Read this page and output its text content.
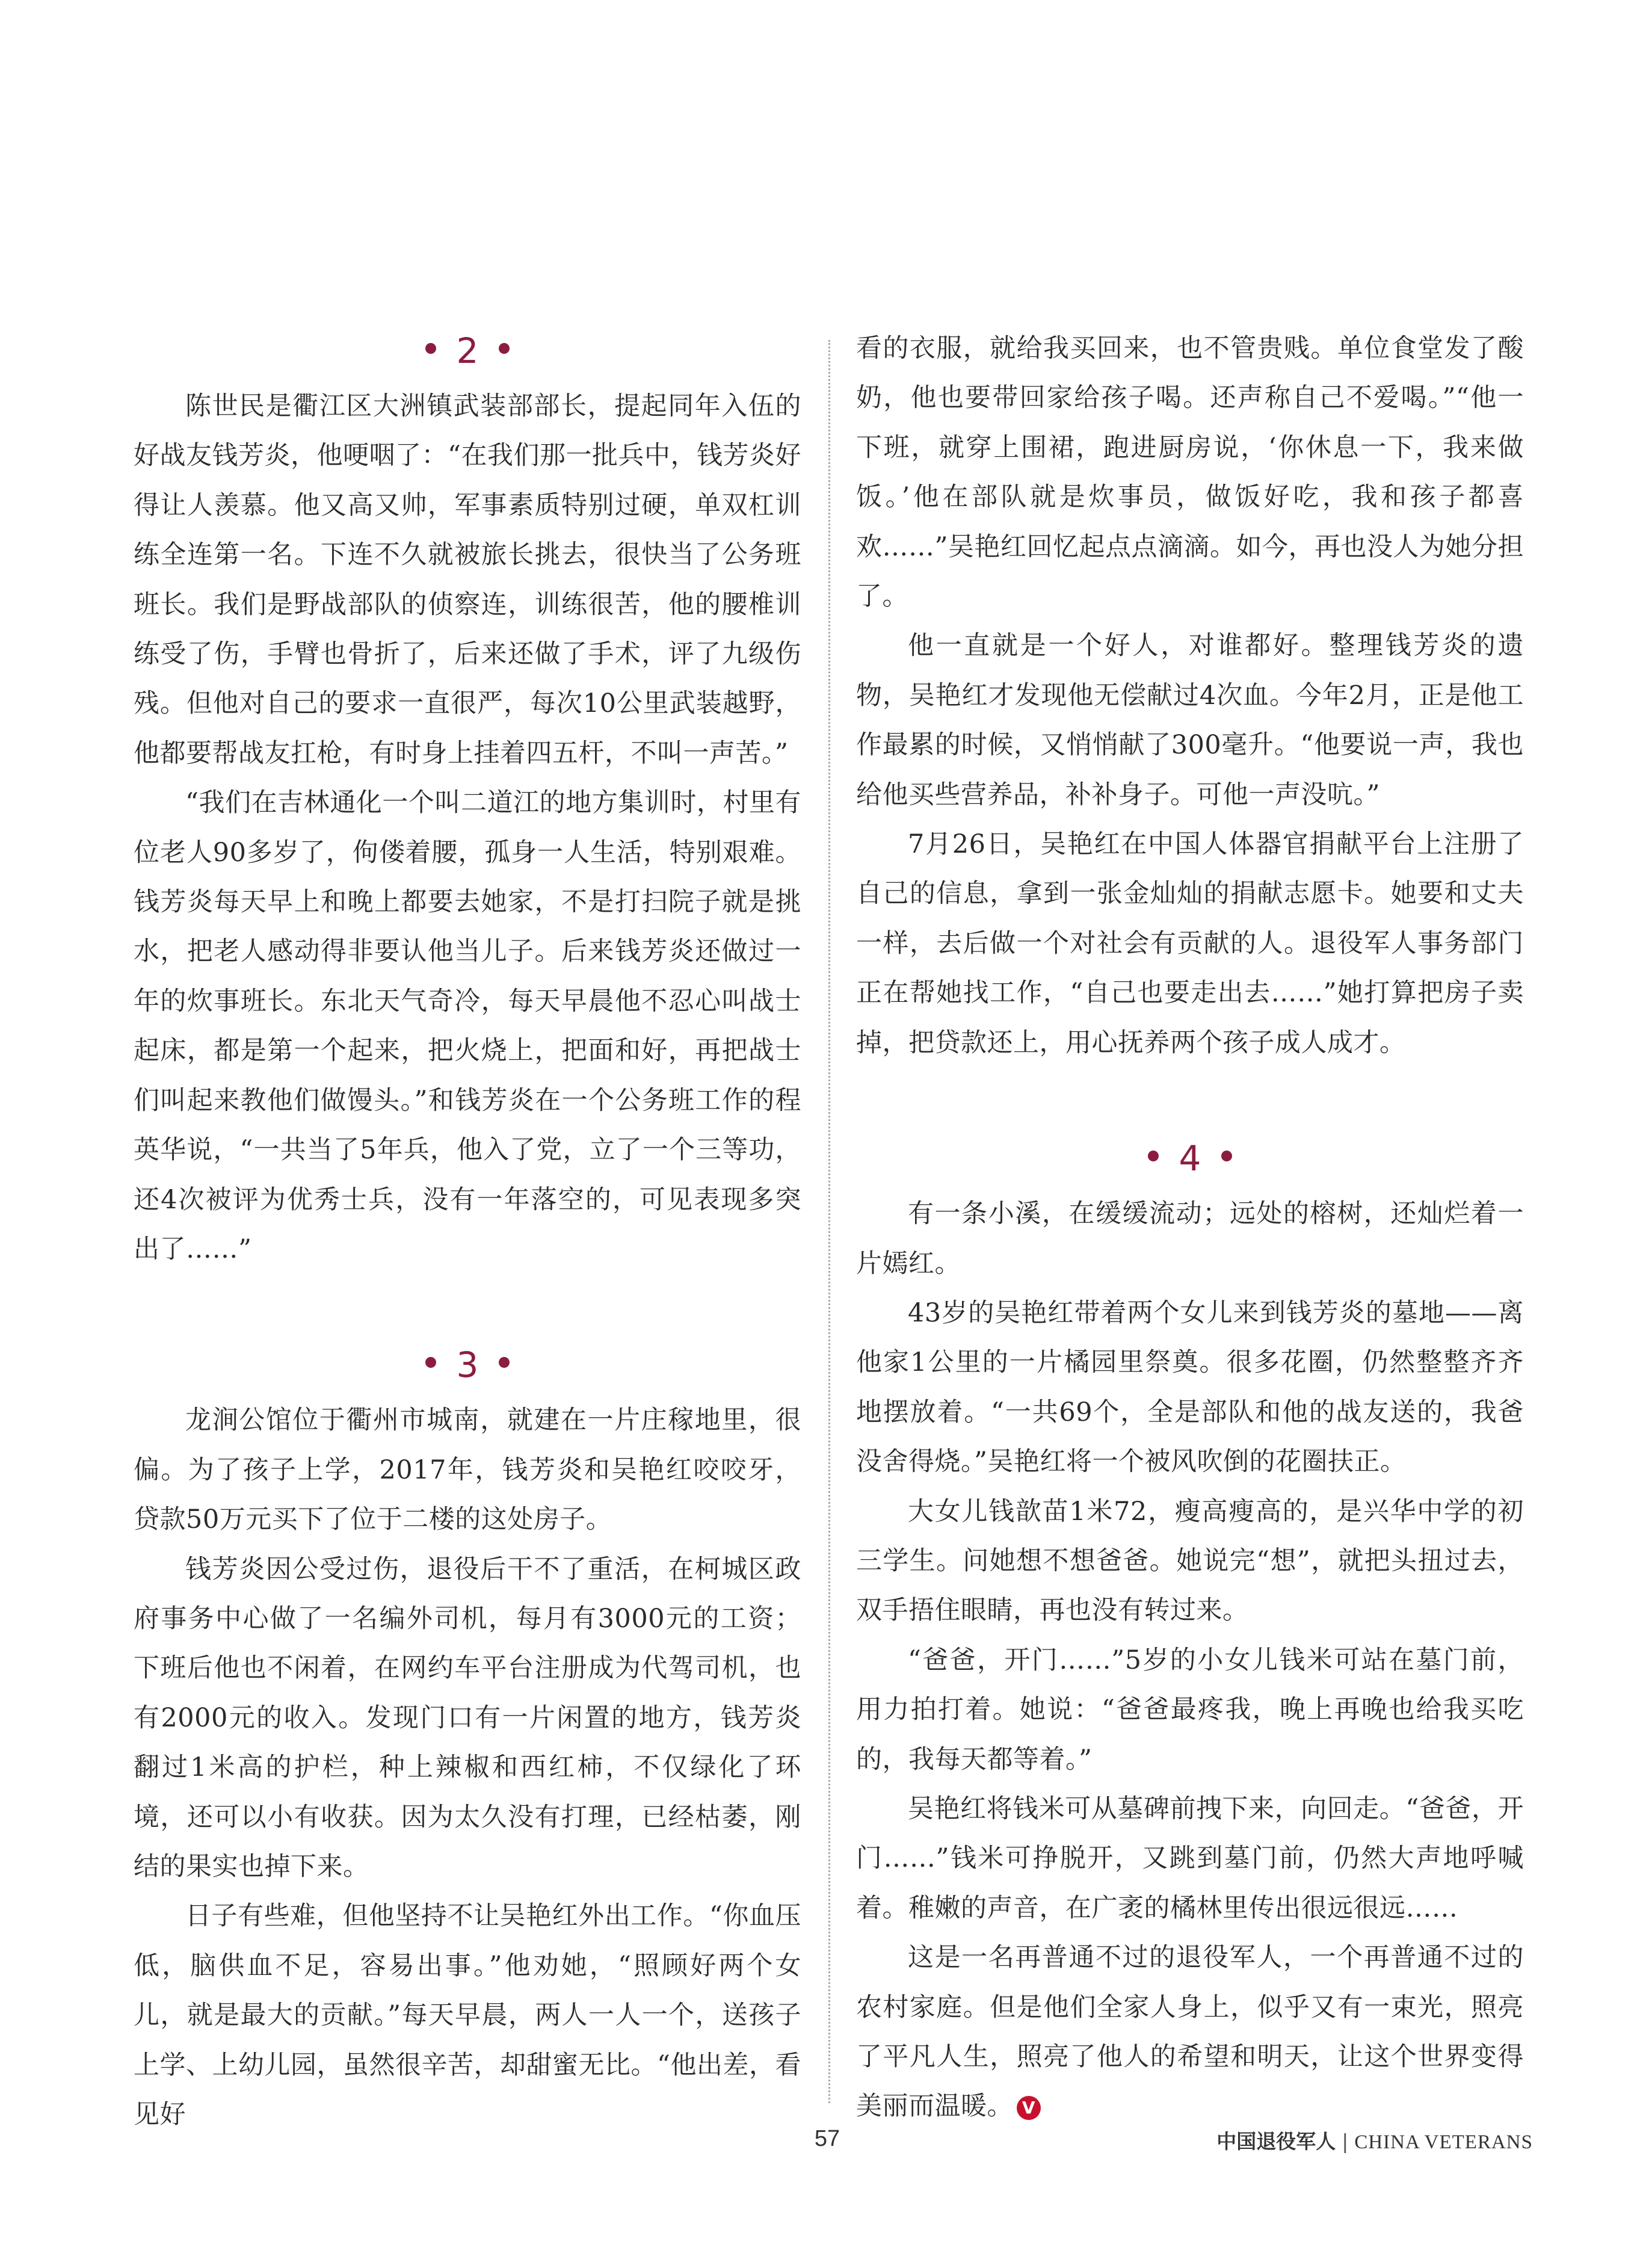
2

陈世民是衢江区大洲镇武装部部长，提起同年入伍的好战友钱芳炎，他哽咽了：“在我们那一批兵中，钱芳炎好得让人羡慕。他又高又帅，军事素质特别过硬，单双杠训练全连第一名。下连不久就被旅长挑去，很快当了公务班班长。我们是野战部队的侦察连，训练很苦，他的腰椎训练受了伤，手臂也骨折了，后来还做了手术，评了九级伤残。但他对自己的要求一直很严，每次10公里武装越野，他都要帮战友扛枪，有时身上挂着四五杆，不叫一声苦。”

“我们在吉林通化一个叫二道江的地方集训时，村里有位老人90多岁了，佝偻着腰，孤身一人生活，特别艰难。钱芳炎每天早上和晚上都要去她家，不是打扫院子就是挑水，把老人感动得非要认他当儿子。后来钱芳炎还做过一年的炊事班长。东北天气奇冷，每天早晨他不忍心叫战士起床，都是第一个起来，把火烧上，把面和好，再把战士们叫起来教他们做馒头。”和钱芳炎在一个公务班工作的程英华说，“一共当了5年兵，他入了党，立了一个三等功，还4次被评为优秀士兵，没有一年落空的，可见表现多突出了……”

3

龙涧公馆位于衢州市城南，就建在一片庄稼地里，很偏。为了孩子上学，2017年，钱芳炎和吴艳红咬咬牙，贷款50万元买下了位于二楼的这处房子。

钱芳炎因公受过伤，退役后干不了重活，在柯城区政府事务中心做了一名编外司机，每月有3000元的工资；下班后他也不闲着，在网约车平台注册成为代驾司机，也有2000元的收入。发现门口有一片闲置的地方，钱芳炎翻过1米高的护栏，种上辣椒和西红柿，不仅绿化了环境，还可以小有收获。因为太久没有打理，已经枯萎，刚结的果实也掉下来。

日子有些难，但他坚持不让吴艳红外出工作。“你血压低，脑供血不足，容易出事。”他劝她，“照顾好两个女儿，就是最大的贡献。”每天早晨，两人一人一个，送孩子上学、上幼儿园，虽然很辛苦，却甜蜜无比。“他出差，看见好

看的衣服，就给我买回来，也不管贵贱。单位食堂发了酸奶，他也要带回家给孩子喝。还声称自己不爱喝。”“他一下班，就穿上围裙，跑进厨房说，‘你休息一下，我来做饭。’他在部队就是炊事员，做饭好吃，我和孩子都喜欢……”吴艳红回忆起点点滴滴。如今，再也没人为她分担了。

他一直就是一个好人，对谁都好。整理钱芳炎的遗物，吴艳红才发现他无偿献过4次血。今年2月，正是他工作最累的时候，又悄悄献了300毫升。“他要说一声，我也给他买些营养品，补补身子。可他一声没吭。”

7月26日，吴艳红在中国人体器官捐献平台上注册了自己的信息，拿到一张金灿灿的捐献志愿卡。她要和丈夫一样，去后做一个对社会有贡献的人。退役军人事务部门正在帮她找工作，“自己也要走出去……”她打算把房子卖掉，把贷款还上，用心抚养两个孩子成人成才。

4

有一条小溪，在缓缓流动；远处的榕树，还灿烂着一片嫣红。

43岁的吴艳红带着两个女儿来到钱芳炎的墓地——离他家1公里的一片橘园里祭奠。很多花圈，仍然整整齐齐地摆放着。“一共69个，全是部队和他的战友送的，我爸没舍得烧。”吴艳红将一个被风吹倒的花圈扶正。

大女儿钱歆苗1米72，瘦高瘦高的，是兴华中学的初三学生。问她想不想爸爸。她说完“想”，就把头扭过去，双手捂住眼睛，再也没有转过来。

“爸爸，开门……”5岁的小女儿钱米可站在墓门前，用力拍打着。她说：“爸爸最疼我，晚上再晚也给我买吃的，我每天都等着。”

吴艳红将钱米可从墓碑前拽下来，向回走。“爸爸，开门……”钱米可挣脱开，又跳到墓门前，仍然大声地呼喊着。稚嫩的声音，在广袤的橘林里传出很远很远……

这是一名再普通不过的退役军人，一个再普通不过的农村家庭。但是他们全家人身上，似乎又有一束光，照亮了平凡人生，照亮了他人的希望和明天，让这个世界变得美丽而温暖。 V

57	中国退役军人 | CHINA VETERANS
